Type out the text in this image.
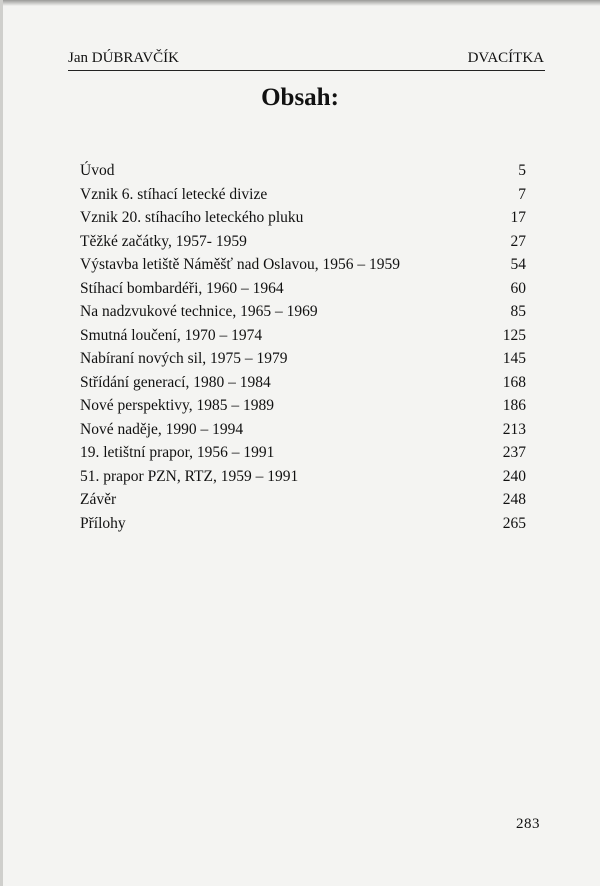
Jan DÚBRAVČÍK	DVACÍTKA
Obsah:
Úvod	5
Vznik 6. stíhací letecké divize	7
Vznik 20. stíhacího leteckého pluku	17
Těžké začátky, 1957- 1959	27
Výstavba letiště Náměšť nad Oslavou, 1956 – 1959	54
Stíhací bombardéři, 1960 – 1964	60
Na nadzvukové technice, 1965 – 1969	85
Smutná loučení, 1970 – 1974	125
Nabíraní nových sil, 1975 – 1979	145
Střídání generací, 1980 – 1984	168
Nové perspektivy, 1985 – 1989	186
Nové naděje, 1990 – 1994	213
19. letištní prapor, 1956 – 1991	237
51. prapor PZN, RTZ, 1959 – 1991	240
Závěr	248
Přílohy	265
283
